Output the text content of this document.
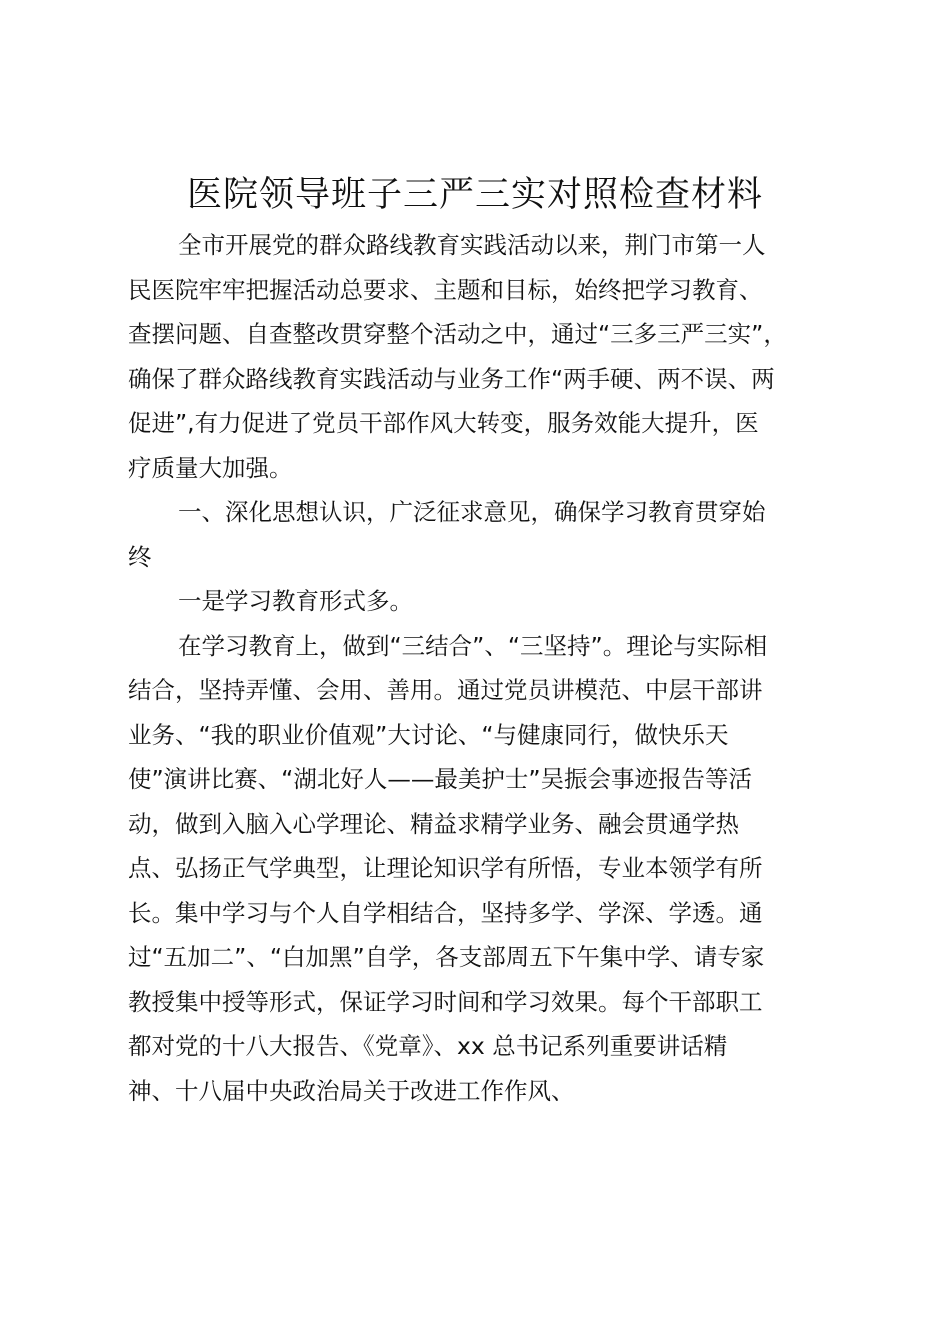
医院领导班子三严三实对照检查材料
全市开展党的群众路线教育实践活动以来，荆门市第一人
民医院牢牢把握活动总要求、主题和目标，始终把学习教育、
查摆问题、自查整改贯穿整个活动之中，通过“三多三严三实”，
确保了群众路线教育实践活动与业务工作“两手硬、两不误、两
促进”,有力促进了党员干部作风大转变，服务效能大提升，医
疗质量大加强。
一、深化思想认识，广泛征求意见，确保学习教育贯穿始
终
一是学习教育形式多。
在学习教育上，做到“三结合”、“三坚持”。理论与实际相
结合，坚持弄懂、会用、善用。通过党员讲模范、中层干部讲
业务、“我的职业价值观”大讨论、“与健康同行，做快乐天
使”演讲比赛、“湖北好人——最美护士”吴振会事迹报告等活
动，做到入脑入心学理论、精益求精学业务、融会贯通学热
点、弘扬正气学典型，让理论知识学有所悟，专业本领学有所
长。集中学习与个人自学相结合，坚持多学、学深、学透。通
过“五加二”、“白加黑”自学，各支部周五下午集中学、请专家
教授集中授等形式，保证学习时间和学习效果。每个干部职工
都对党的十八大报告、《党章》、xx 总书记系列重要讲话精
神、十八届中央政治局关于改进工作作风、
